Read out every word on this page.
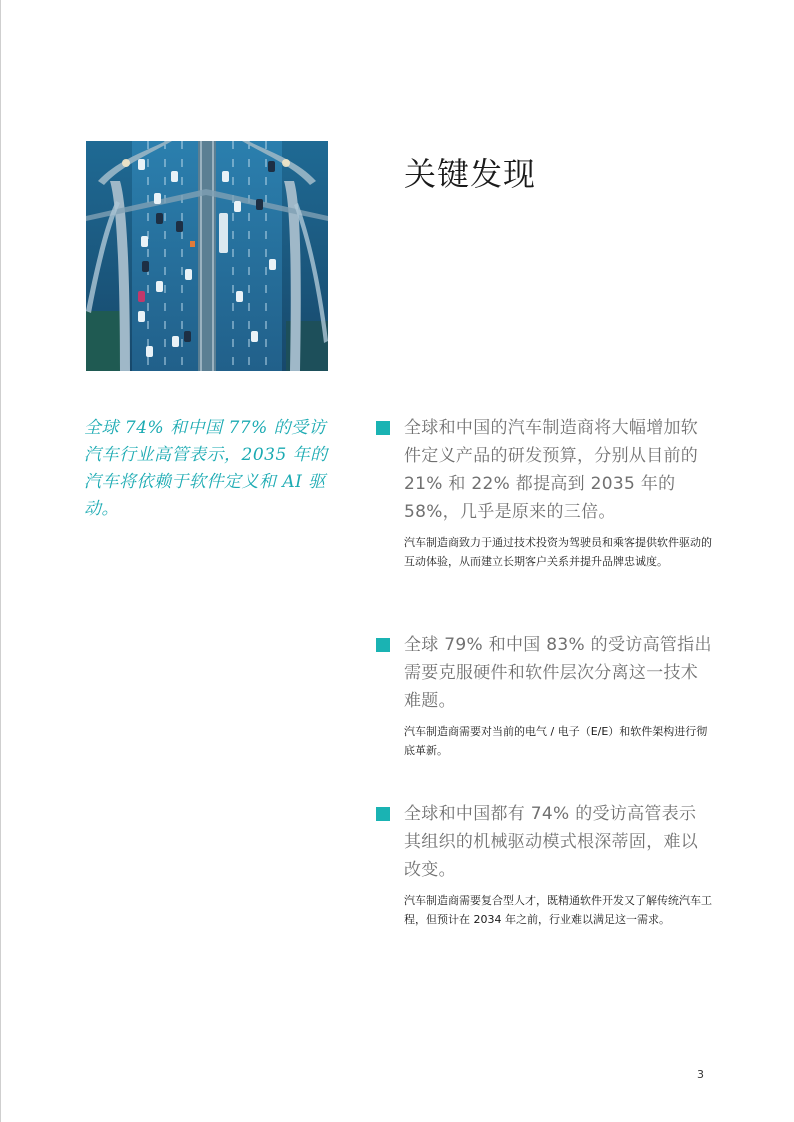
关键发现
全球 74% 和中国 77% 的受访汽车行业高管表示，2035 年的汽车将依赖于软件定义和 AI 驱动。
全球和中国的汽车制造商将大幅增加软件定义产品的研发预算，分别从目前的 21% 和 22% 都提高到 2035 年的 58%，几乎是原来的三倍。
汽车制造商致力于通过技术投资为驾驶员和乘客提供软件驱动的互动体验，从而建立长期客户关系并提升品牌忠诚度。
全球 79% 和中国 83% 的受访高管指出需要克服硬件和软件层次分离这一技术难题。
汽车制造商需要对当前的电气 / 电子（E/E）和软件架构进行彻底革新。
全球和中国都有 74% 的受访高管表示其组织的机械驱动模式根深蒂固，难以改变。
汽车制造商需要复合型人才，既精通软件开发又了解传统汽车工程，但预计在 2034 年之前，行业难以满足这一需求。
3
